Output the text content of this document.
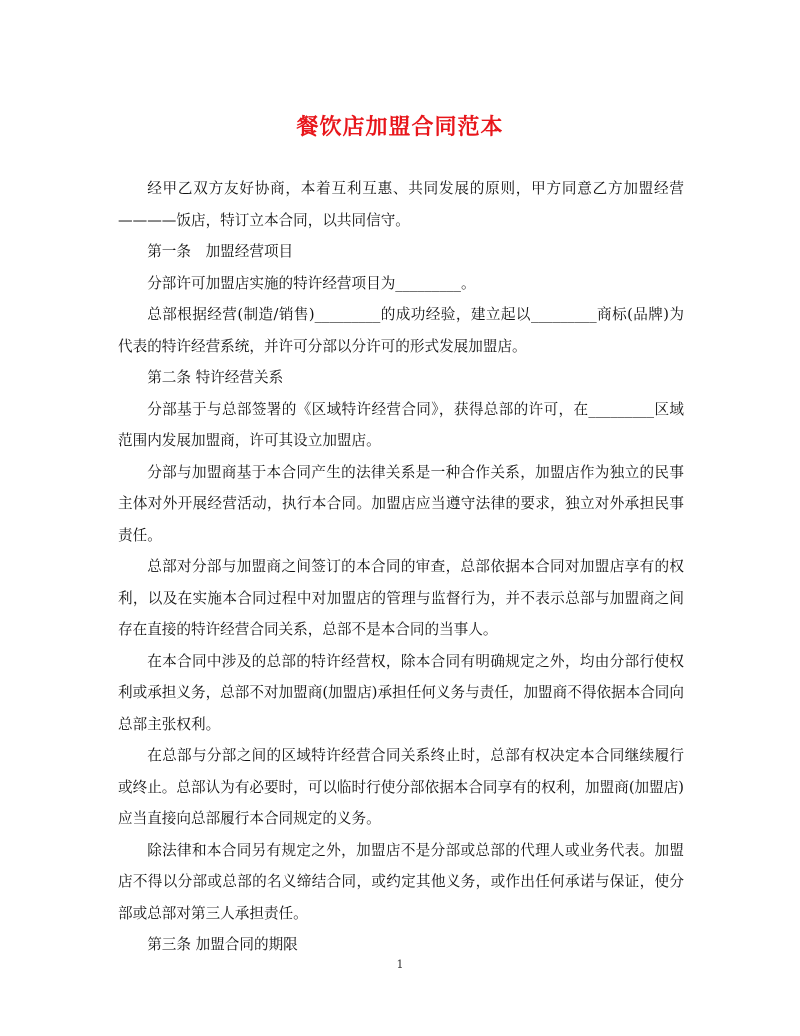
餐饮店加盟合同范本

经甲乙双方友好协商，本着互利互惠、共同发展的原则，甲方同意乙方加盟经营————饭店，特订立本合同，以共同信守。

第一条　加盟经营项目

分部许可加盟店实施的特许经营项目为_________。

总部根据经营(制造/销售)_________的成功经验，建立起以_________商标(品牌)为代表的特许经营系统，并许可分部以分许可的形式发展加盟店。

第二条 特许经营关系

分部基于与总部签署的《区域特许经营合同》，获得总部的许可，在_________区域范围内发展加盟商，许可其设立加盟店。

分部与加盟商基于本合同产生的法律关系是一种合作关系，加盟店作为独立的民事主体对外开展经营活动，执行本合同。加盟店应当遵守法律的要求，独立对外承担民事责任。

总部对分部与加盟商之间签订的本合同的审查，总部依据本合同对加盟店享有的权利，以及在实施本合同过程中对加盟店的管理与监督行为，并不表示总部与加盟商之间存在直接的特许经营合同关系，总部不是本合同的当事人。

在本合同中涉及的总部的特许经营权，除本合同有明确规定之外，均由分部行使权利或承担义务，总部不对加盟商(加盟店)承担任何义务与责任，加盟商不得依据本合同向总部主张权利。

在总部与分部之间的区域特许经营合同关系终止时，总部有权决定本合同继续履行或终止。总部认为有必要时，可以临时行使分部依据本合同享有的权利，加盟商(加盟店)应当直接向总部履行本合同规定的义务。

除法律和本合同另有规定之外，加盟店不是分部或总部的代理人或业务代表。加盟店不得以分部或总部的名义缔结合同，或约定其他义务，或作出任何承诺与保证，使分部或总部对第三人承担责任。

第三条 加盟合同的期限

1
